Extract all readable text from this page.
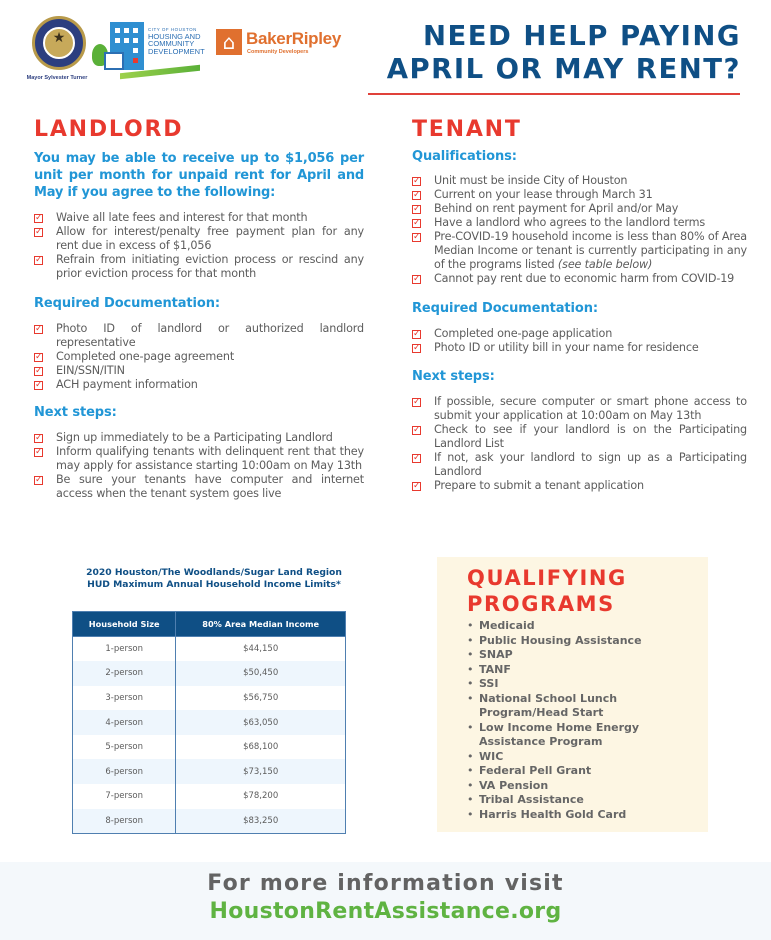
★
Mayor Sylvester Turner
CITY OF HOUSTON
HOUSING AND
COMMUNITY
DEVELOPMENT
⌂
BakerRipley
Community Developers	NEED HELP PAYING
APRIL OR MAY RENT?
LANDLORD
You may be able to receive up to $1,056 per unit per month for unpaid rent for April and May if you agree to the following:
✓
Waive all late fees and interest for that month
✓
Allow for interest/penalty free payment plan for any rent due in excess of $1,056
✓
Refrain from initiating eviction process or rescind any prior eviction process for that month
Required Documentation:
✓
Photo ID of landlord or authorized landlord representative
✓
Completed one-page agreement
✓
EIN/SSN/ITIN
✓
ACH payment information
Next steps:
✓
Sign up immediately to be a Participating Landlord
✓
Inform qualifying tenants with delinquent rent that they may apply for assistance starting 10:00am on May 13th
✓
Be sure your tenants have computer and internet access when the tenant system goes live
TENANT
Qualifications:
✓
Unit must be inside City of Houston
✓
Current on your lease through March 31
✓
Behind on rent payment for April and/or May
✓
Have a landlord who agrees to the landlord terms
✓
Pre-COVID-19 household income is less than 80% of Area Median Income or tenant is currently participating in any of the programs listed (see table below)
✓
Cannot pay rent due to economic harm from COVID-19
Required Documentation:
✓
Completed one-page application
✓
Photo ID or utility bill in your name for residence
Next steps:
✓
If possible, secure computer or smart phone access to submit your application at 10:00am on May 13th
✓
Check to see if your landlord is on the Participating Landlord List
✓
If not, ask your landlord to sign up as a Participating Landlord
✓
Prepare to submit a tenant application
2020 Houston/The Woodlands/Sugar Land Region
HUD Maximum Annual Household Income Limits*
Household Size	80% Area Median Income
1-person	$44,150
2-person	$50,450
3-person	$56,750
4-person	$63,050
5-person	$68,100
6-person	$73,150
7-person	$78,200
8-person	$83,250
QUALIFYING
PROGRAMS
• Medicaid
• Public Housing Assistance
• SNAP
• TANF
• SSI
• National School Lunch Program/Head Start
• Low Income Home Energy Assistance Program
• WIC
• Federal Pell Grant
• VA Pension
• Tribal Assistance
• Harris Health Gold Card
For more information visit
HoustonRentAssistance.org
